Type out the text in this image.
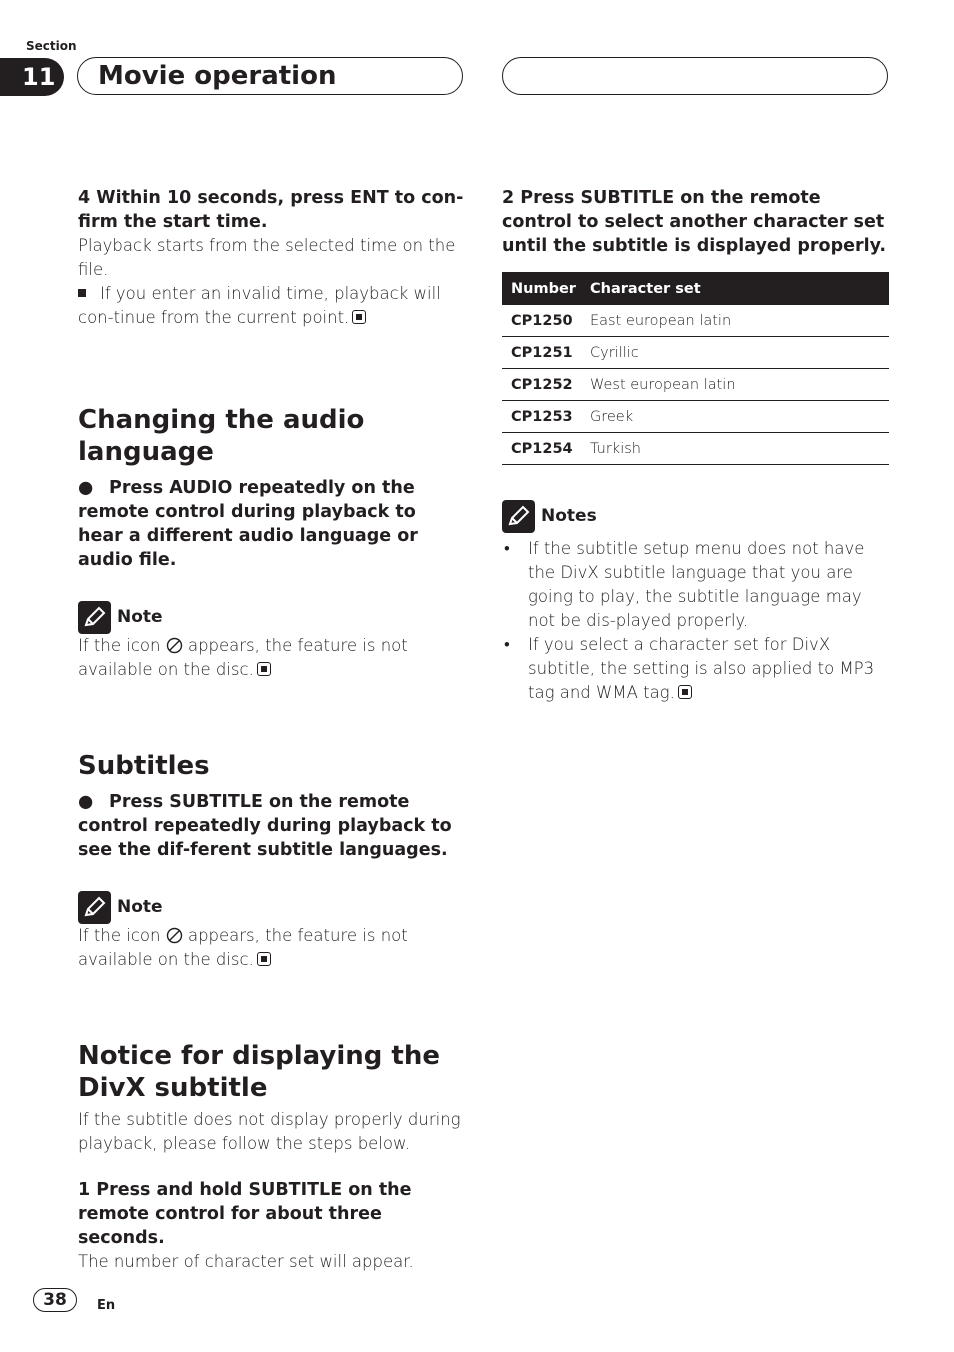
Section
11	Movie operation

4 Within 10 seconds, press ENT to con-firm the start time.

Playback starts from the selected time on the file.

If you enter an invalid time, playback will con-tinue from the current point.

Changing the audio language

● Press AUDIO repeatedly on the remote control during playback to hear a different audio language or audio file.

Note

If the icon appears, the feature is not available on the disc.

Subtitles

● Press SUBTITLE on the remote control repeatedly during playback to see the dif-ferent subtitle languages.

Note

If the icon appears, the feature is not available on the disc.

Notice for displaying the DivX subtitle

If the subtitle does not display properly during playback, please follow the steps below.

1 Press and hold SUBTITLE on the remote control for about three seconds.

The number of character set will appear.

2 Press SUBTITLE on the remote control to select another character set until the subtitle is displayed properly.

Number	Character set
CP1250	East european latin
CP1251	Cyrillic
CP1252	West european latin
CP1253	Greek
CP1254	Turkish
Notes
• If the subtitle setup menu does not have the DivX subtitle language that you are going to play, the subtitle language may not be dis-played properly.
• If you select a character set for DivX subtitle, the setting is also applied to MP3 tag and WMA tag.
38	En
